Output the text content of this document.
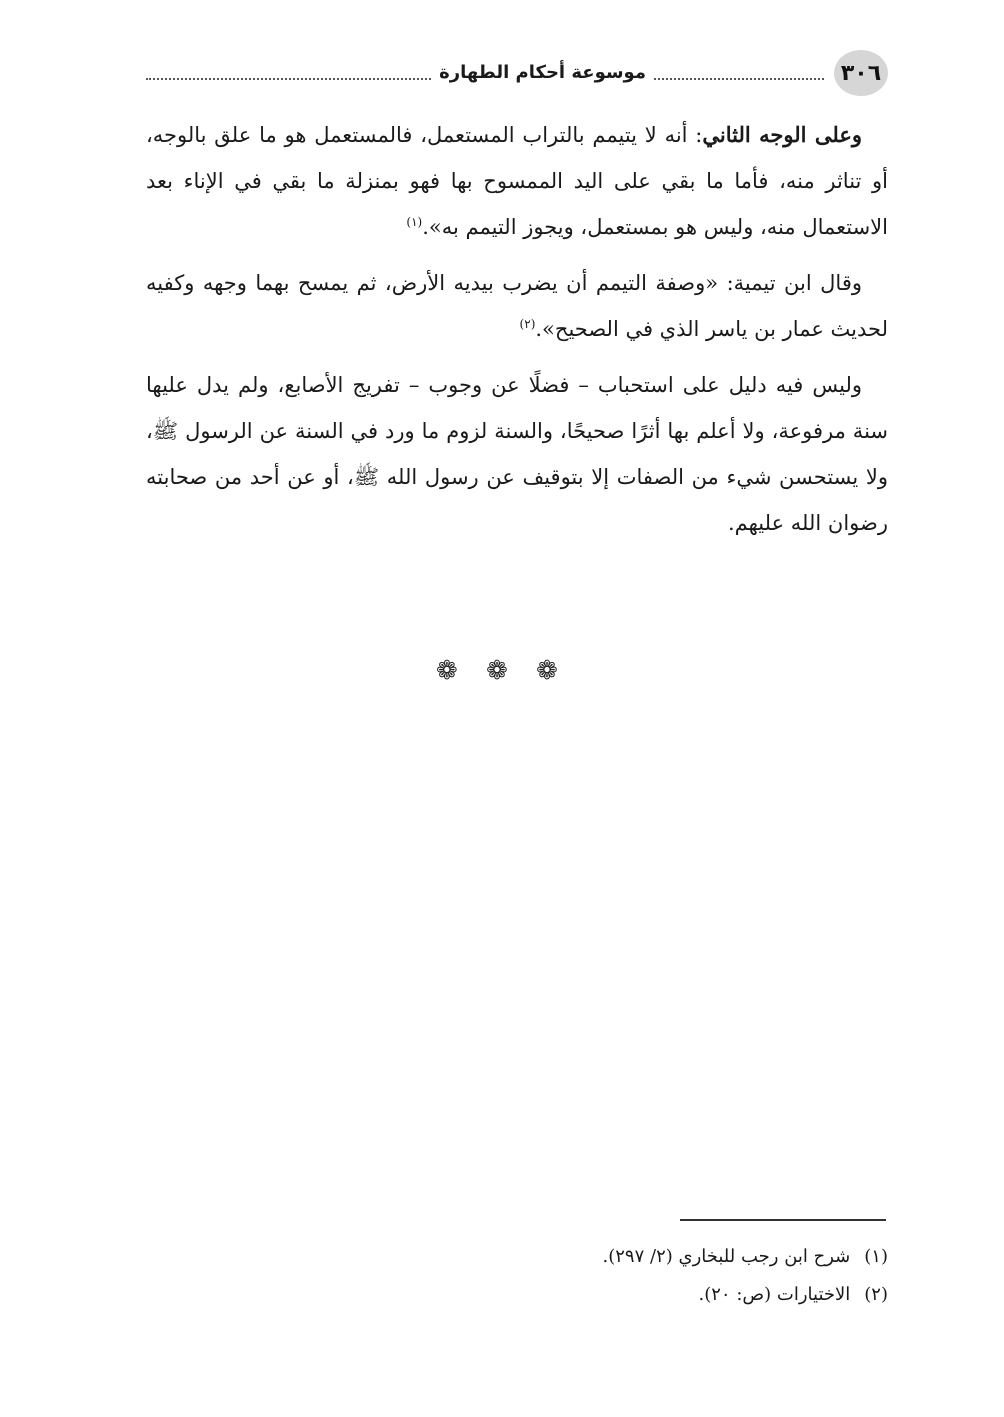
٣٠٦
موسوعة أحكام الطهارة

وعلى الوجه الثاني: أنه لا يتيمم بالتراب المستعمل، فالمستعمل هو ما علق بالوجه، أو تناثر منه، فأما ما بقي على اليد الممسوح بها فهو بمنزلة ما بقي في الإناء بعد الاستعمال منه، وليس هو بمستعمل، ويجوز التيمم به».$^{(١)}$

وقال ابن تيمية: «وصفة التيمم أن يضرب بيديه الأرض، ثم يمسح بهما وجهه وكفيه لحديث عمار بن ياسر الذي في الصحيح».$^{(٢)}$

وليس فيه دليل على استحباب – فضلًا عن وجوب – تفريج الأصابع، ولم يدل عليها سنة مرفوعة، ولا أعلم بها أثرًا صحيحًا، والسنة لزوم ما ورد في السنة عن الرسول ﷺ، ولا يستحسن شيء من الصفات إلا بتوقيف عن رسول الله ﷺ، أو عن أحد من صحابته رضوان الله عليهم.

❁ ❁ ❁
(١)
شرح ابن رجب للبخاري (٢/ ٢٩٧).
(٢)
الاختيارات (ص: ٢٠).
